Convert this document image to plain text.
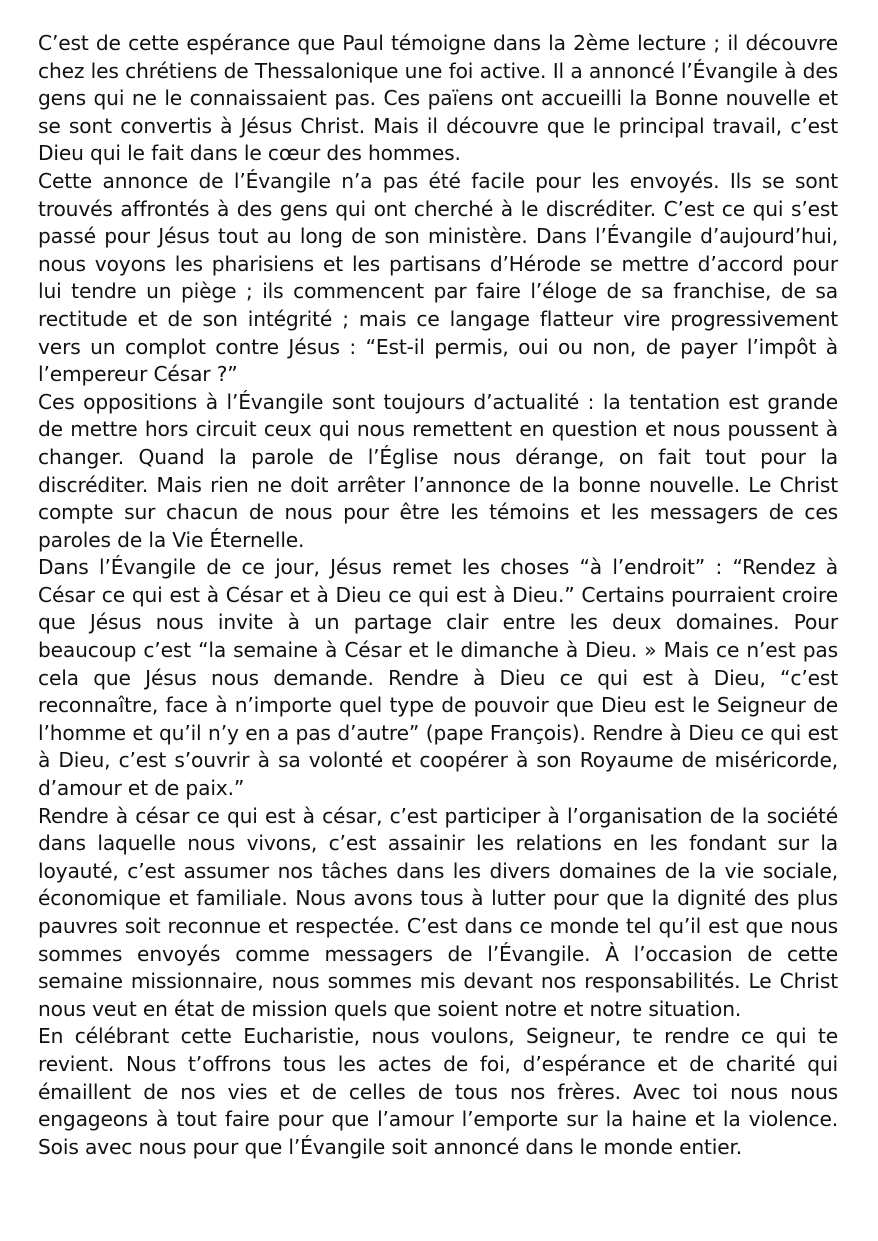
C’est de cette espérance que Paul témoigne dans la 2ème lecture ; il découvre chez les chrétiens de Thessalonique une foi active. Il a annoncé l’Évangile à des gens qui ne le connaissaient pas. Ces païens ont accueilli la Bonne nouvelle et se sont convertis à Jésus Christ. Mais il découvre que le principal travail, c’est Dieu qui le fait dans le cœur des hommes.

Cette annonce de l’Évangile n’a pas été facile pour les envoyés. Ils se sont trouvés affrontés à des gens qui ont cherché à le discréditer. C’est ce qui s’est passé pour Jésus tout au long de son ministère. Dans l’Évangile d’aujourd’hui, nous voyons les pharisiens et les partisans d’Hérode se mettre d’accord pour lui tendre un piège ; ils commencent par faire l’éloge de sa franchise, de sa rectitude et de son intégrité ; mais ce langage flatteur vire progressivement vers un complot contre Jésus : “Est-il permis, oui ou non, de payer l’impôt à l’empereur César ?”

Ces oppositions à l’Évangile sont toujours d’actualité : la tentation est grande de mettre hors circuit ceux qui nous remettent en question et nous poussent à changer. Quand la parole de l’Église nous dérange, on fait tout pour la discréditer. Mais rien ne doit arrêter l’annonce de la bonne nouvelle. Le Christ compte sur chacun de nous pour être les témoins et les messagers de ces paroles de la Vie Éternelle.

Dans l’Évangile de ce jour, Jésus remet les choses “à l’endroit” : “Rendez à César ce qui est à César et à Dieu ce qui est à Dieu.” Certains pourraient croire que Jésus nous invite à un partage clair entre les deux domaines. Pour beaucoup c’est “la semaine à César et le dimanche à Dieu. » Mais ce n’est pas cela que Jésus nous demande. Rendre à Dieu ce qui est à Dieu, “c’est reconnaître, face à n’importe quel type de pouvoir que Dieu est le Seigneur de l’homme et qu’il n’y en a pas d’autre” (pape François). Rendre à Dieu ce qui est à Dieu, c’est s’ouvrir à sa volonté et coopérer à son Royaume de miséricorde, d’amour et de paix.”

Rendre à césar ce qui est à césar, c’est participer à l’organisation de la société dans laquelle nous vivons, c’est assainir les relations en les fondant sur la loyauté, c’est assumer nos tâches dans les divers domaines de la vie sociale, économique et familiale. Nous avons tous à lutter pour que la dignité des plus pauvres soit reconnue et respectée. C’est dans ce monde tel qu’il est que nous sommes envoyés comme messagers de l’Évangile. À l’occasion de cette semaine missionnaire, nous sommes mis devant nos responsabilités. Le Christ nous veut en état de mission quels que soient notre et notre situation.

En célébrant cette Eucharistie, nous voulons, Seigneur, te rendre ce qui te revient. Nous t’offrons tous les actes de foi, d’espérance et de charité qui émaillent de nos vies et de celles de tous nos frères. Avec toi nous nous engageons à tout faire pour que l’amour l’emporte sur la haine et la violence. Sois avec nous pour que l’Évangile soit annoncé dans le monde entier.
